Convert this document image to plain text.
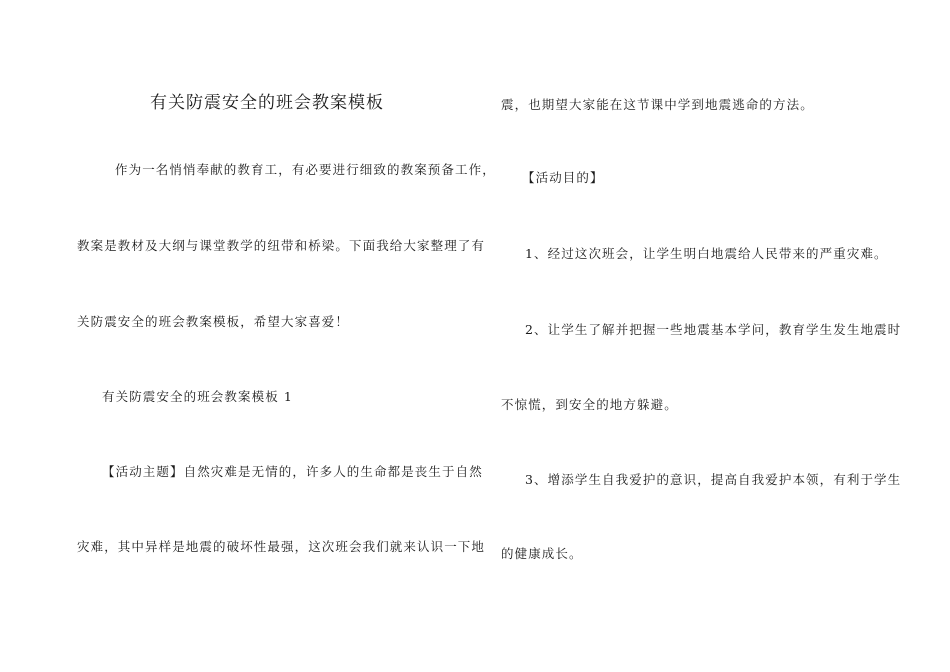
有关防震安全的班会教案模板
作为一名悄悄奉献的教育工，有必要进行细致的教案预备工作，
教案是教材及大纲与课堂教学的纽带和桥梁。下面我给大家整理了有
关防震安全的班会教案模板，希望大家喜爱！
有关防震安全的班会教案模板 1
【活动主题】自然灾难是无情的，许多人的生命都是丧生于自然
灾难，其中异样是地震的破坏性最强，这次班会我们就来认识一下地
震，也期望大家能在这节课中学到地震逃命的方法。
【活动目的】
1、经过这次班会，让学生明白地震给人民带来的严重灾难。
2、让学生了解并把握一些地震基本学问，教育学生发生地震时
不惊慌，到安全的地方躲避。
3、增添学生自我爱护的意识，提高自我爱护本领，有利于学生
的健康成长。
